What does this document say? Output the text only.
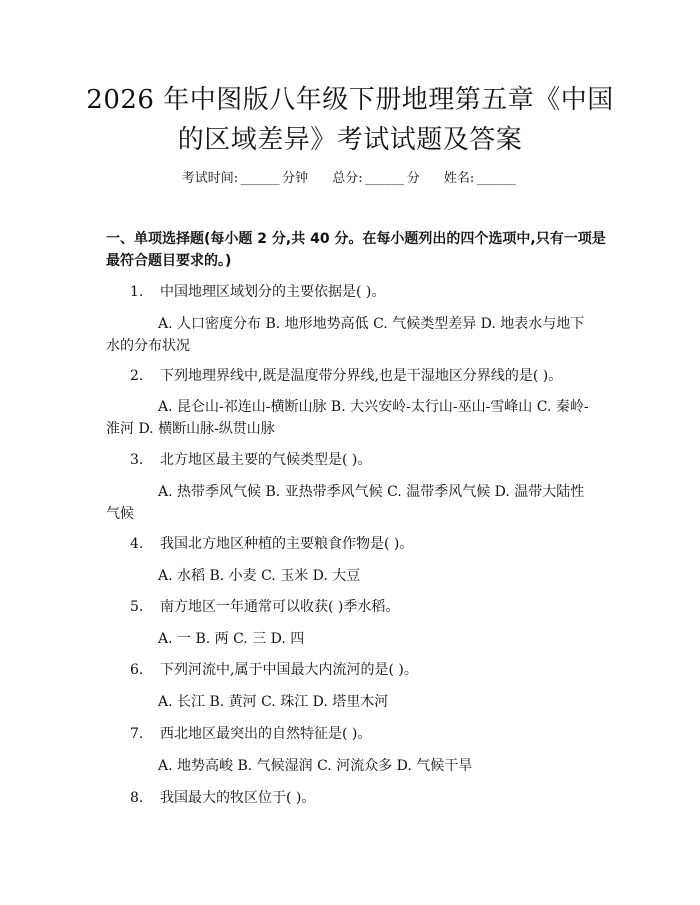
2026 年中图版八年级下册地理第五章《中国
的区域差异》考试试题及答案
考试时间: ______ 分钟 总分: ______ 分 姓名: ______
一、单项选择题(每小题 2 分,共 40 分。在每小题列出的四个选项中,只有一项是最符合题目要求的。)
1. 中国地理区域划分的主要依据是( )。
A. 人口密度分布 B. 地形地势高低 C. 气候类型差异 D. 地表水与地下水的分布状况
2. 下列地理界线中,既是温度带分界线,也是干湿地区分界线的是( )。
A. 昆仑山-祁连山-横断山脉 B. 大兴安岭-太行山-巫山-雪峰山 C. 秦岭-淮河 D. 横断山脉-纵贯山脉
3. 北方地区最主要的气候类型是( )。
A. 热带季风气候 B. 亚热带季风气候 C. 温带季风气候 D. 温带大陆性气候
4. 我国北方地区种植的主要粮食作物是( )。
A. 水稻 B. 小麦 C. 玉米 D. 大豆
5. 南方地区一年通常可以收获( )季水稻。
A. 一 B. 两 C. 三 D. 四
6. 下列河流中,属于中国最大内流河的是( )。
A. 长江 B. 黄河 C. 珠江 D. 塔里木河
7. 西北地区最突出的自然特征是( )。
A. 地势高峻 B. 气候湿润 C. 河流众多 D. 气候干旱
8. 我国最大的牧区位于( )。
